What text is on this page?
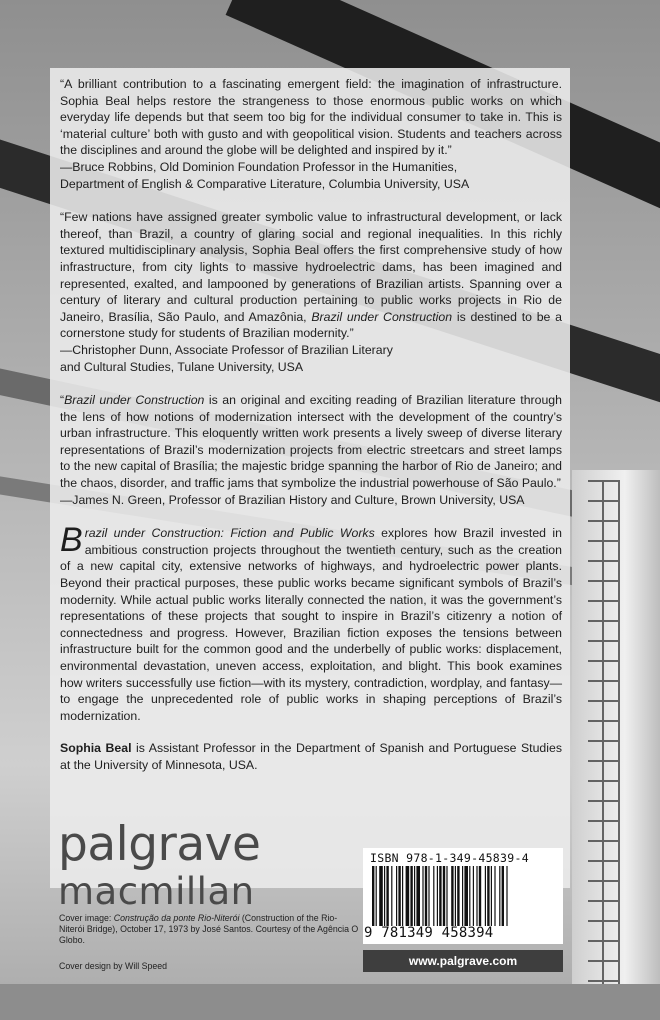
“A brilliant contribution to a fascinating emergent field: the imagination of infrastructure. Sophia Beal helps restore the strangeness to those enormous public works on which everyday life depends but that seem too big for the individual consumer to take in. This is ‘material culture’ both with gusto and with geopolitical vision. Students and teachers across the disciplines and around the globe will be delighted and inspired by it.”

—Bruce Robbins, Old Dominion Foundation Professor in the Humanities,

Department of English & Comparative Literature, Columbia University, USA

“Few nations have assigned greater symbolic value to infrastructural development, or lack thereof, than Brazil, a country of glaring social and regional inequalities. In this richly textured multidisciplinary analysis, Sophia Beal offers the first comprehensive study of how infrastructure, from city lights to massive hydroelectric dams, has been imagined and represented, exalted, and lampooned by generations of Brazilian artists. Spanning over a century of literary and cultural production pertaining to public works projects in Rio de Janeiro, Brasília, São Paulo, and Amazônia, Brazil under Construction is destined to be a cornerstone study for students of Brazilian modernity.”

—Christopher Dunn, Associate Professor of Brazilian Literary

and Cultural Studies, Tulane University, USA

“Brazil under Construction is an original and exciting reading of Brazilian literature through the lens of how notions of modernization intersect with the development of the country’s urban infrastructure. This eloquently written work presents a lively sweep of diverse literary representations of Brazil’s modernization projects from electric streetcars and street lamps to the new capital of Brasília; the majestic bridge spanning the harbor of Rio de Janeiro; and the chaos, disorder, and traffic jams that symbolize the industrial powerhouse of São Paulo.”

—James N. Green, Professor of Brazilian History and Culture, Brown University, USA

Brazil under Construction: Fiction and Public Works explores how Brazil invested in ambitious construction projects throughout the twentieth century, such as the creation of a new capital city, extensive networks of highways, and hydroelectric power plants. Beyond their practical purposes, these public works became significant symbols of Brazil’s modernity. While actual public works literally connected the nation, it was the government’s representations of these projects that sought to inspire in Brazil’s citizenry a notion of connectedness and progress. However, Brazilian fiction exposes the tensions between infrastructure built for the common good and the underbelly of public works: displacement, environmental devastation, uneven access, exploitation, and blight. This book examines how writers successfully use fiction—with its mystery, contradiction, wordplay, and fantasy—to engage the unprecedented role of public works in shaping perceptions of Brazil’s modernization.

Sophia Beal is Assistant Professor in the Department of Spanish and Portuguese Studies at the University of Minnesota, USA.

palgrave
macmillan
Cover image: Construção da ponte Rio-Niterói (Construction of the Rio-Niterói Bridge), October 17, 1973 by José Santos. Courtesy of the Agência O Globo.
Cover design by Will Speed
ISBN 978-1-349-45839-4
9 781349 458394
www.palgrave.com
